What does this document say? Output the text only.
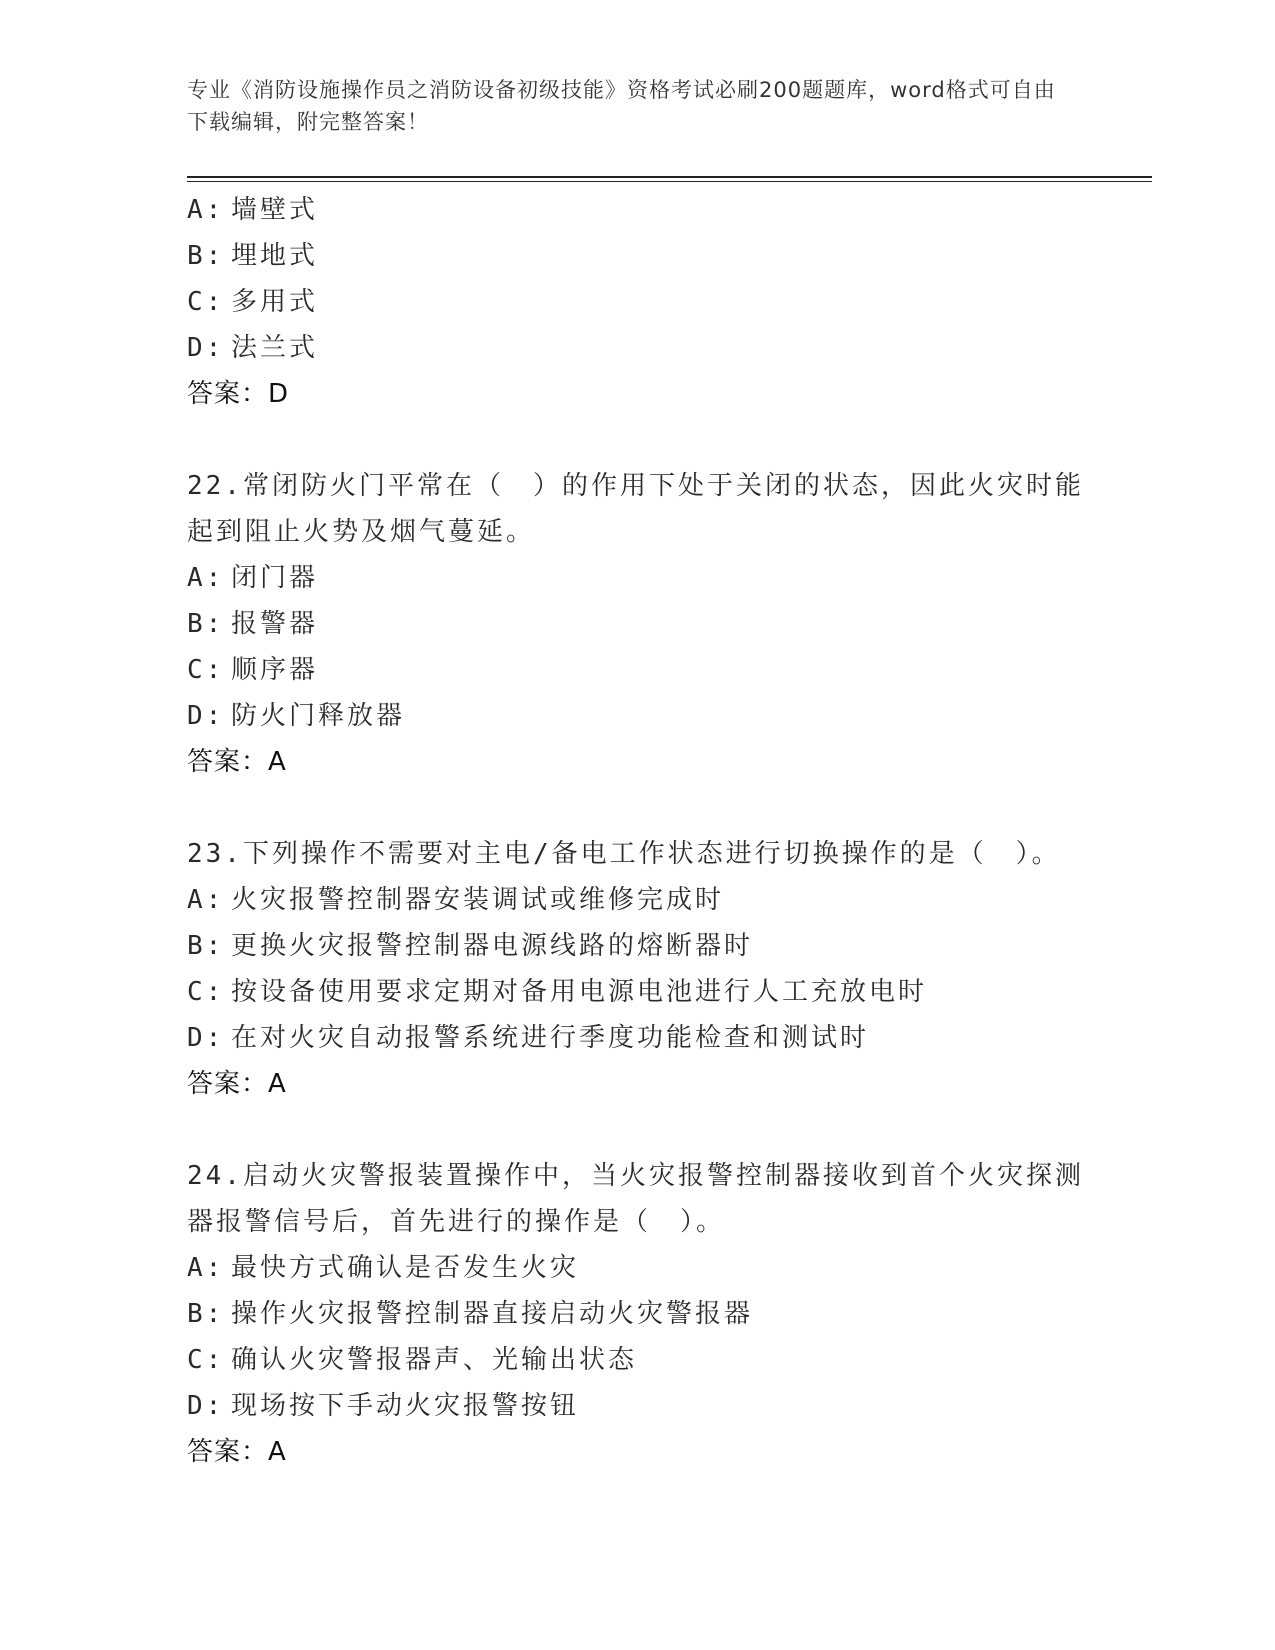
专业《消防设施操作员之消防设备初级技能》资格考试必刷200题题库，word格式可自由下载编辑，附完整答案！
A: 墙壁式
B: 埋地式
C: 多用式
D: 法兰式
答案：D
22.常闭防火门平常在（　）的作用下处于关闭的状态，因此火灾时能起到阻止火势及烟气蔓延。
A: 闭门器
B: 报警器
C: 顺序器
D: 防火门释放器
答案：A
23.下列操作不需要对主电/备电工作状态进行切换操作的是（　）。
A: 火灾报警控制器安装调试或维修完成时
B: 更换火灾报警控制器电源线路的熔断器时
C: 按设备使用要求定期对备用电源电池进行人工充放电时
D: 在对火灾自动报警系统进行季度功能检查和测试时
答案：A
24.启动火灾警报装置操作中，当火灾报警控制器接收到首个火灾探测器报警信号后，首先进行的操作是（　）。
A: 最快方式确认是否发生火灾
B: 操作火灾报警控制器直接启动火灾警报器
C: 确认火灾警报器声、光输出状态
D: 现场按下手动火灾报警按钮
答案：A
